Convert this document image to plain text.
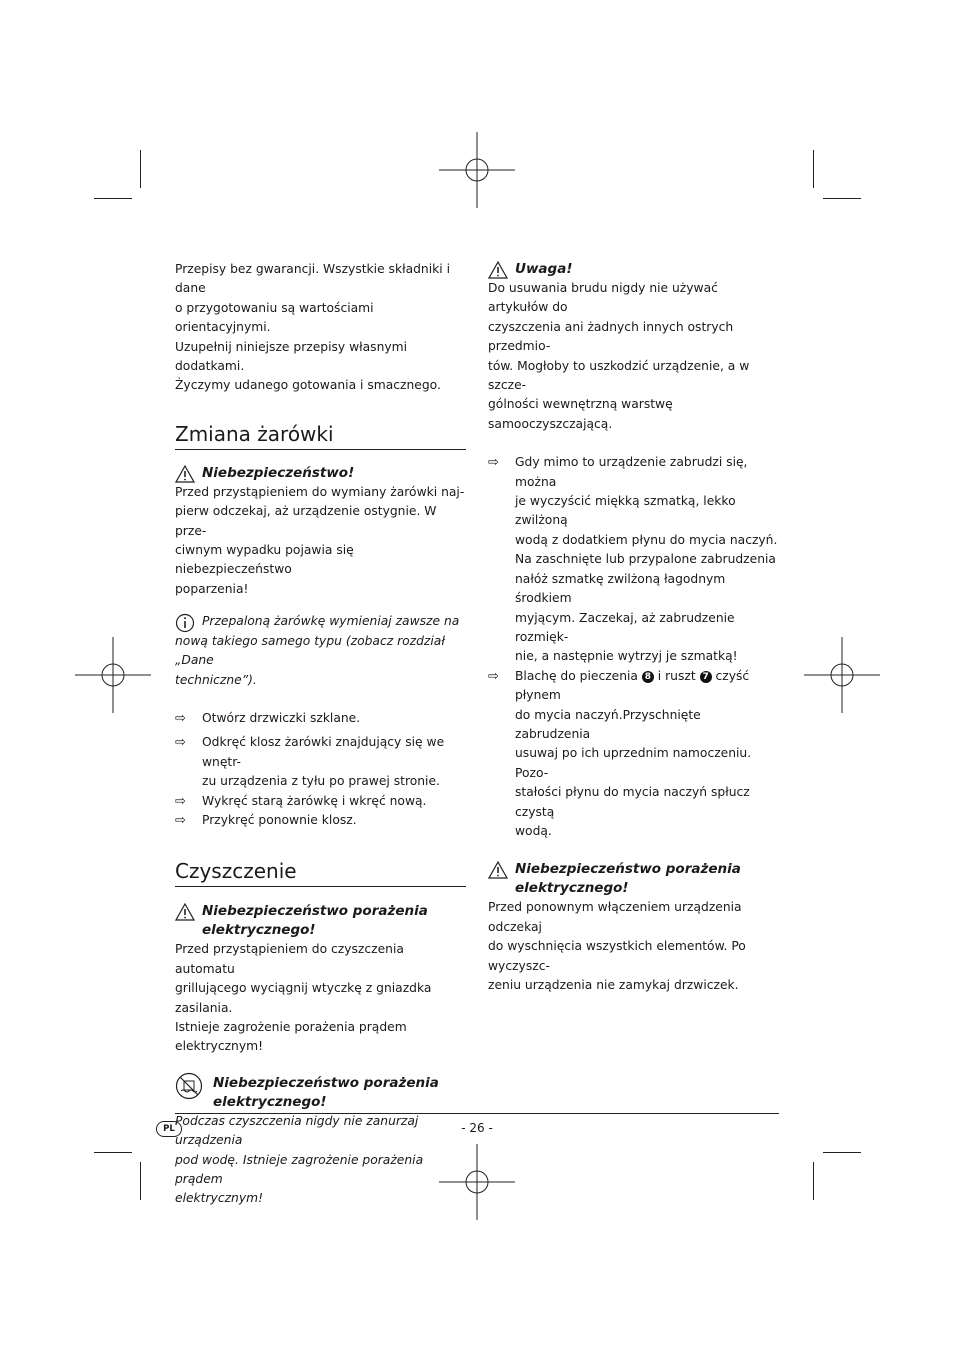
Przepisy bez gwarancji. Wszystkie składniki i dane
o przygotowaniu są wartościami orientacyjnymi.
Uzupełnij niniejsze przepisy własnymi dodatkami.
Życzymy udanego gotowania i smacznego.

Zmiana żarówki
Niebezpieczeństwo!

Przed przystąpieniem do wymiany żarówki naj-
pierw odczekaj, aż urządzenie ostygnie. W prze-
ciwnym wypadku pojawia się niebezpieczeństwo
poparzenia!

Przepaloną żarówkę wymieniaj zawsze na
nową takiego samego typu (zobacz rozdział „Dane
techniczne”).

⇨ Otwórz drzwiczki szklane.
⇨ Odkręć klosz żarówki znajdujący się we wnętr-
zu urządzenia z tyłu po prawej stronie.
⇨ Wykręć starą żarówkę i wkręć nową.
⇨ Przykręć ponownie klosz.
Czyszczenie
Niebezpieczeństwo porażenia
elektrycznego!

Przed przystąpieniem do czyszczenia automatu
grillującego wyciągnij wtyczkę z gniazdka zasilania.
Istnieje zagrożenie porażenia prądem elektrycznym!

Niebezpieczeństwo porażenia
elektrycznego!

Podczas czyszczenia nigdy nie zanurzaj urządzenia
pod wodę. Istnieje zagrożenie porażenia prądem
elektrycznym!

Uwaga!

Do usuwania brudu nigdy nie używać artykułów do
czyszczenia ani żadnych innych ostrych przedmio-
tów. Mogłoby to uszkodzić urządzenie, a w szcze-
gólności wewnętrzną warstwę samooczyszczającą.

⇨ Gdy mimo to urządzenie zabrudzi się, można
je wyczyścić miękką szmatką, lekko zwilżoną
wodą z dodatkiem płynu do mycia naczyń.
Na zaschnięte lub przypalone zabrudzenia
nałóż szmatkę zwilżoną łagodnym środkiem
myjącym. Zaczekaj, aż zabrudzenie rozmięk-
nie, a następnie wytrzyj je szmatką!
⇨ Blachę do pieczenia 8 i ruszt 7 czyść płynem
do mycia naczyń.Przyschnięte zabrudzenia
usuwaj po ich uprzednim namoczeniu. Pozo-
stałości płynu do mycia naczyń spłucz czystą
wodą.
Niebezpieczeństwo porażenia
elektrycznego!

Przed ponownym włączeniem urządzenia odczekaj
do wyschnięcia wszystkich elementów. Po wyczyszc-
zeniu urządzenia nie zamykaj drzwiczek.

PL	- 26 -
